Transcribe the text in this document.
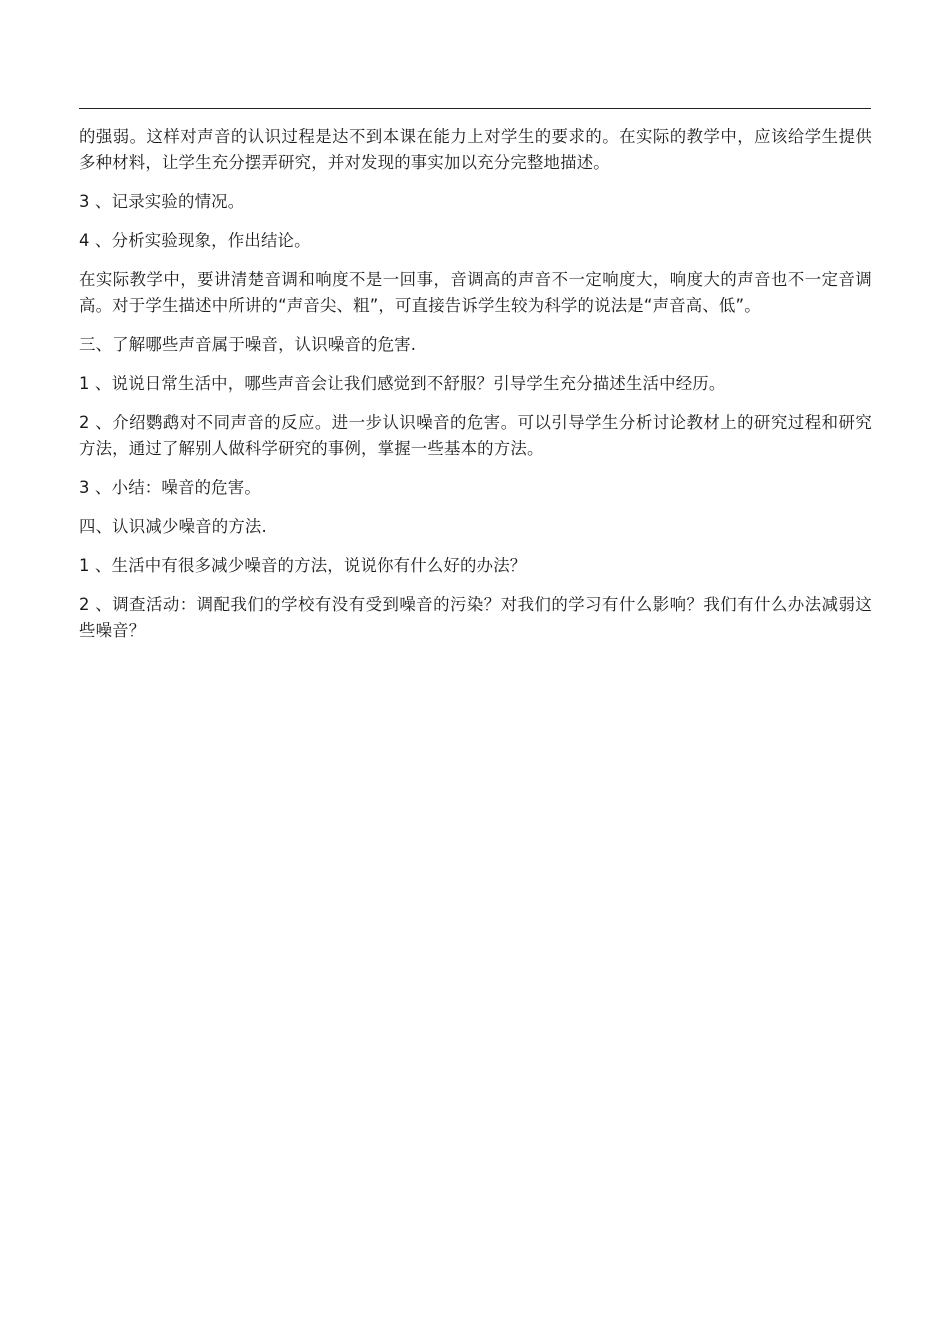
的强弱。这样对声音的认识过程是达不到本课在能力上对学生的要求的。在实际的教学中，应该给学生提供多种材料，让学生充分摆弄研究，并对发现的事实加以充分完整地描述。

3 、记录实验的情况。

4 、分析实验现象，作出结论。

在实际教学中，要讲清楚音调和响度不是一回事，音调高的声音不一定响度大，响度大的声音也不一定音调高。对于学生描述中所讲的“声音尖、粗”，可直接告诉学生较为科学的说法是“声音高、低”。

三、了解哪些声音属于噪音，认识噪音的危害.

1 、说说日常生活中，哪些声音会让我们感觉到不舒服？引导学生充分描述生活中经历。

2 、介绍鹦鹉对不同声音的反应。进一步认识噪音的危害。可以引导学生分析讨论教材上的研究过程和研究方法，通过了解别人做科学研究的事例，掌握一些基本的方法。

3 、小结：噪音的危害。

四、认识减少噪音的方法.

1 、生活中有很多减少噪音的方法，说说你有什么好的办法？

2 、调查活动：调配我们的学校有没有受到噪音的污染？对我们的学习有什么影响？我们有什么办法减弱这些噪音？
